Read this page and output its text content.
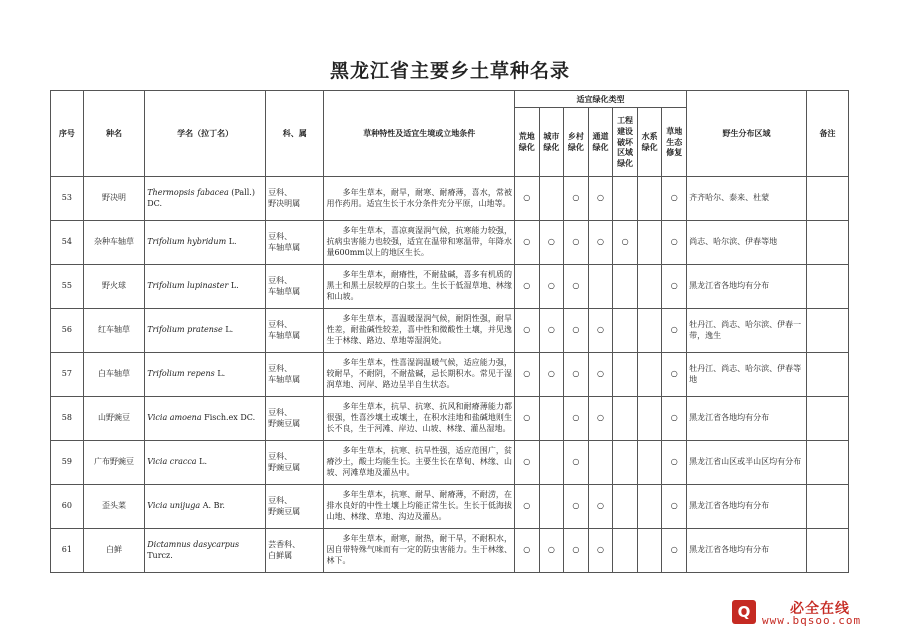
黑龙江省主要乡土草种名录
序号	种名	学名（拉丁名）	科、属	草种特性及适宜生境或立地条件	适宜绿化类型							野生分布区域	备注
					荒地绿化	城市绿化	乡村绿化	通道绿化	工程建设破坏区域绿化	水系绿化	草地生态修复		
53	野决明	Thermopsis fabacea (Pall.) DC.	豆科、
野决明属	多年生草本，耐旱，耐寒、耐瘠薄，喜水，常被用作药用。适宜生长于水分条件充分平原，山地等。	○		○	○			○	齐齐哈尔、泰来、杜蒙	
54	杂种车轴草	Trifolium hybridum L.	豆科、
车轴草属	多年生草本，喜凉爽湿润气候，抗寒能力较强，抗病虫害能力也较强，适宜在温带和寒温带，年降水量600mm以上的地区生长。	○	○	○	○	○		○	尚志、哈尔滨、伊春等地	
55	野火球	Trifolium lupinaster L.	豆科、
车轴草属	多年生草本，耐瘠性，不耐盐碱，喜多有机质的黑土和黑土层较厚的白浆土。生长于低湿草地、林缘和山坡。	○	○	○				○	黑龙江省各地均有分布	
56	红车轴草	Trifolium pratense L.	豆科、
车轴草属	多年生草本，喜温暖湿润气候，耐阴性强，耐旱性差，耐盐碱性较差，喜中性和微酸性土壤，并见逸生于林缘、路边、草地等湿润处。	○	○	○	○			○	牡丹江、尚志、哈尔滨、伊春一带，逸生	
57	白车轴草	Trifolium repens L.	豆科、
车轴草属	多年生草本，性喜湿润温暖气候，适应能力强，较耐旱，不耐阴，不耐盐碱，忌长期积水。常见于湿润草地、河岸、路边呈半自生状态。	○	○	○	○			○	牡丹江、尚志、哈尔滨、伊春等地	
58	山野豌豆	Vicia amoena Fisch.ex DC.	豆科、
野豌豆属	多年生草本，抗旱、抗寒、抗风和耐瘠薄能力都很强，性喜沙壤土或壤土，在积水洼地和盐碱地则生长不良，生于河滩、岸边、山坡、林缘、灌丛湿地。	○		○	○			○	黑龙江省各地均有分布	
59	广布野豌豆	Vicia cracca L.	豆科、
野豌豆属	多年生草本，抗寒、抗旱性强，适应范围广，贫瘠沙土，酸土均能生长。主要生长在草甸、林缘、山坡、河滩草地及灌丛中。	○		○				○	黑龙江省山区或半山区均有分布	
60	歪头菜	Vicia unijuga A. Br.	豆科、
野豌豆属	多年生草本，抗寒、耐旱、耐瘠薄，不耐涝，在排水良好的中性土壤上均能正常生长。生长于低海拔山地、林缘、草地、沟边及灌丛。	○		○	○			○	黑龙江省各地均有分布	
61	白鲜	Dictamnus dasycarpus Turcz.	芸香科、
白鲜属	多年生草本，耐寒，耐热，耐干旱，不耐积水，因自带特殊气味而有一定的防虫害能力。生于林缘、林下。	○	○	○	○			○	黑龙江省各地均有分布	
Q	必全在线
www.bqsoo.com
